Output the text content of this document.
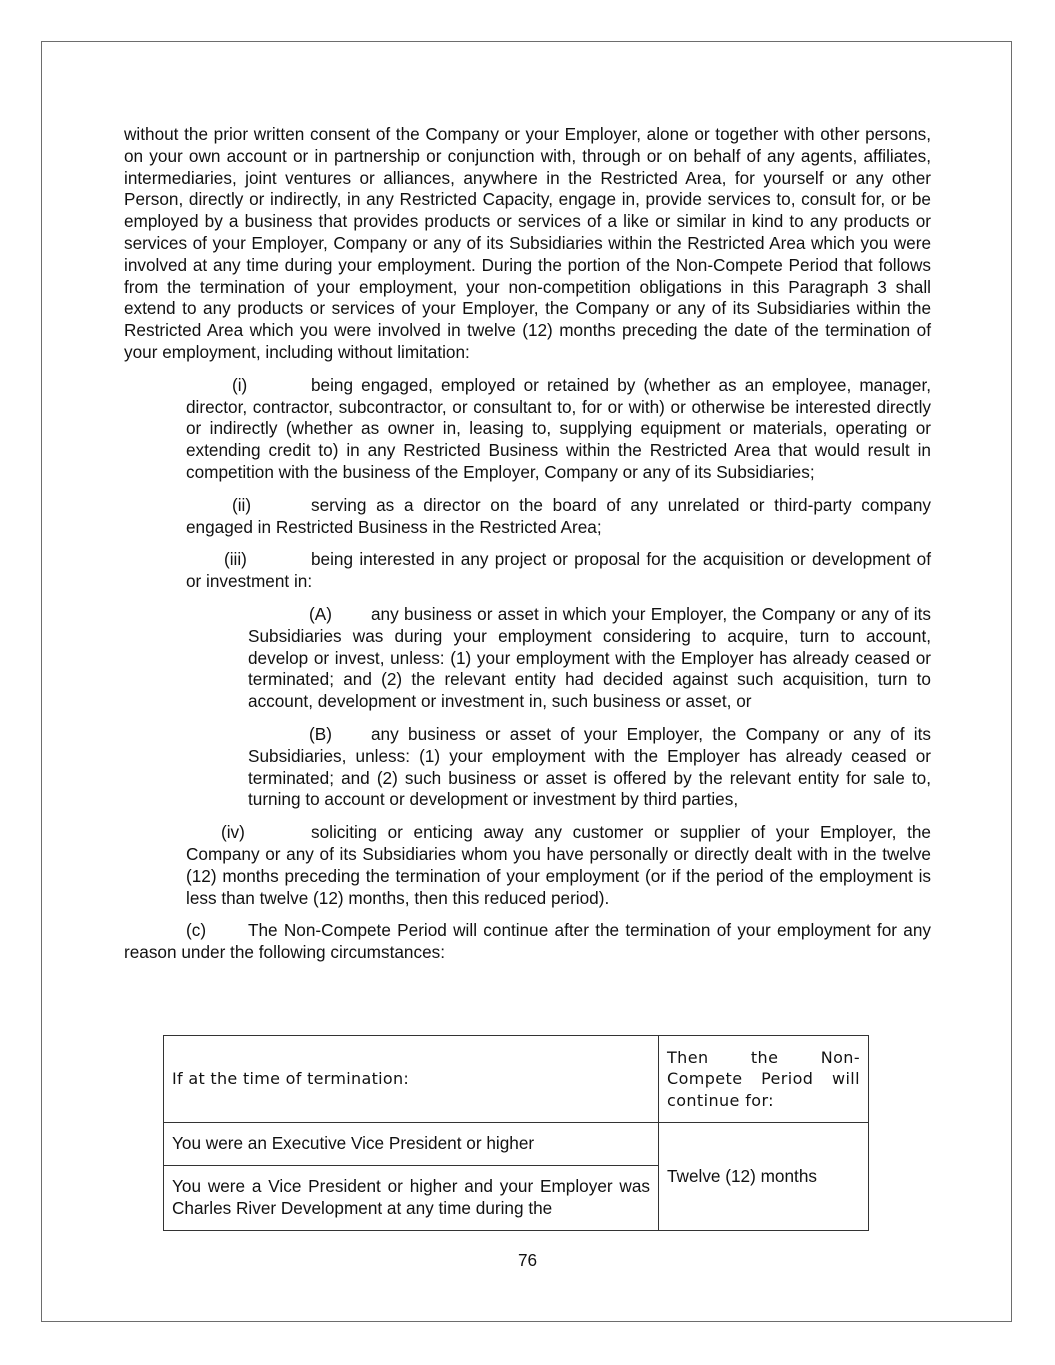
without the prior written consent of the Company or your Employer, alone or together with other persons, on your own account or in partnership or conjunction with, through or on behalf of any agents, affiliates, intermediaries, joint ventures or alliances, anywhere in the Restricted Area, for yourself or any other Person, directly or indirectly, in any Restricted Capacity, engage in, provide services to, consult for, or be employed by a business that provides products or services of a like or similar in kind to any products or services of your Employer, Company or any of its Subsidiaries within the Restricted Area which you were involved at any time during your employment. During the portion of the Non-Compete Period that follows from the termination of your employment, your non-competition obligations in this Paragraph 3 shall extend to any products or services of your Employer, the Company or any of its Subsidiaries within the Restricted Area which you were involved in twelve (12) months preceding the date of the termination of your employment, including without limitation:

(i)	being engaged, employed or retained by (whether as an employee, manager, director, contractor, subcontractor, or consultant to, for or with) or otherwise be interested directly or indirectly (whether as owner in, leasing to, supplying equipment or materials, operating or extending credit to) in any Restricted Business within the Restricted Area that would result in competition with the business of the Employer, Company or any of its Subsidiaries;

(ii)	serving as a director on the board of any unrelated or third-party company engaged in Restricted Business in the Restricted Area;

(iii)	being interested in any project or proposal for the acquisition or development of or investment in:

(A) any business or asset in which your Employer, the Company or any of its Subsidiaries was during your employment considering to acquire, turn to account, develop or invest, unless: (1) your employment with the Employer has already ceased or terminated; and (2) the relevant entity had decided against such acquisition, turn to account, development or investment in, such business or asset, or

(B) any business or asset of your Employer, the Company or any of its Subsidiaries, unless: (1) your employment with the Employer has already ceased or terminated; and (2) such business or asset is offered by the relevant entity for sale to, turning to account or development or investment by third parties,

(iv)	soliciting or enticing away any customer or supplier of your Employer, the Company or any of its Subsidiaries whom you have personally or directly dealt with in the twelve (12) months preceding the termination of your employment (or if the period of the employment is less than twelve (12) months, then this reduced period).

(c) The Non-Compete Period will continue after the termination of your employment for any reason under the following circumstances:

If at the time of termination:	Then the Non-Compete Period will continue for:
You were an Executive Vice President or higher	Twelve (12) months
You were a Vice President or higher and your Employer was Charles River Development at any time during the	
76
